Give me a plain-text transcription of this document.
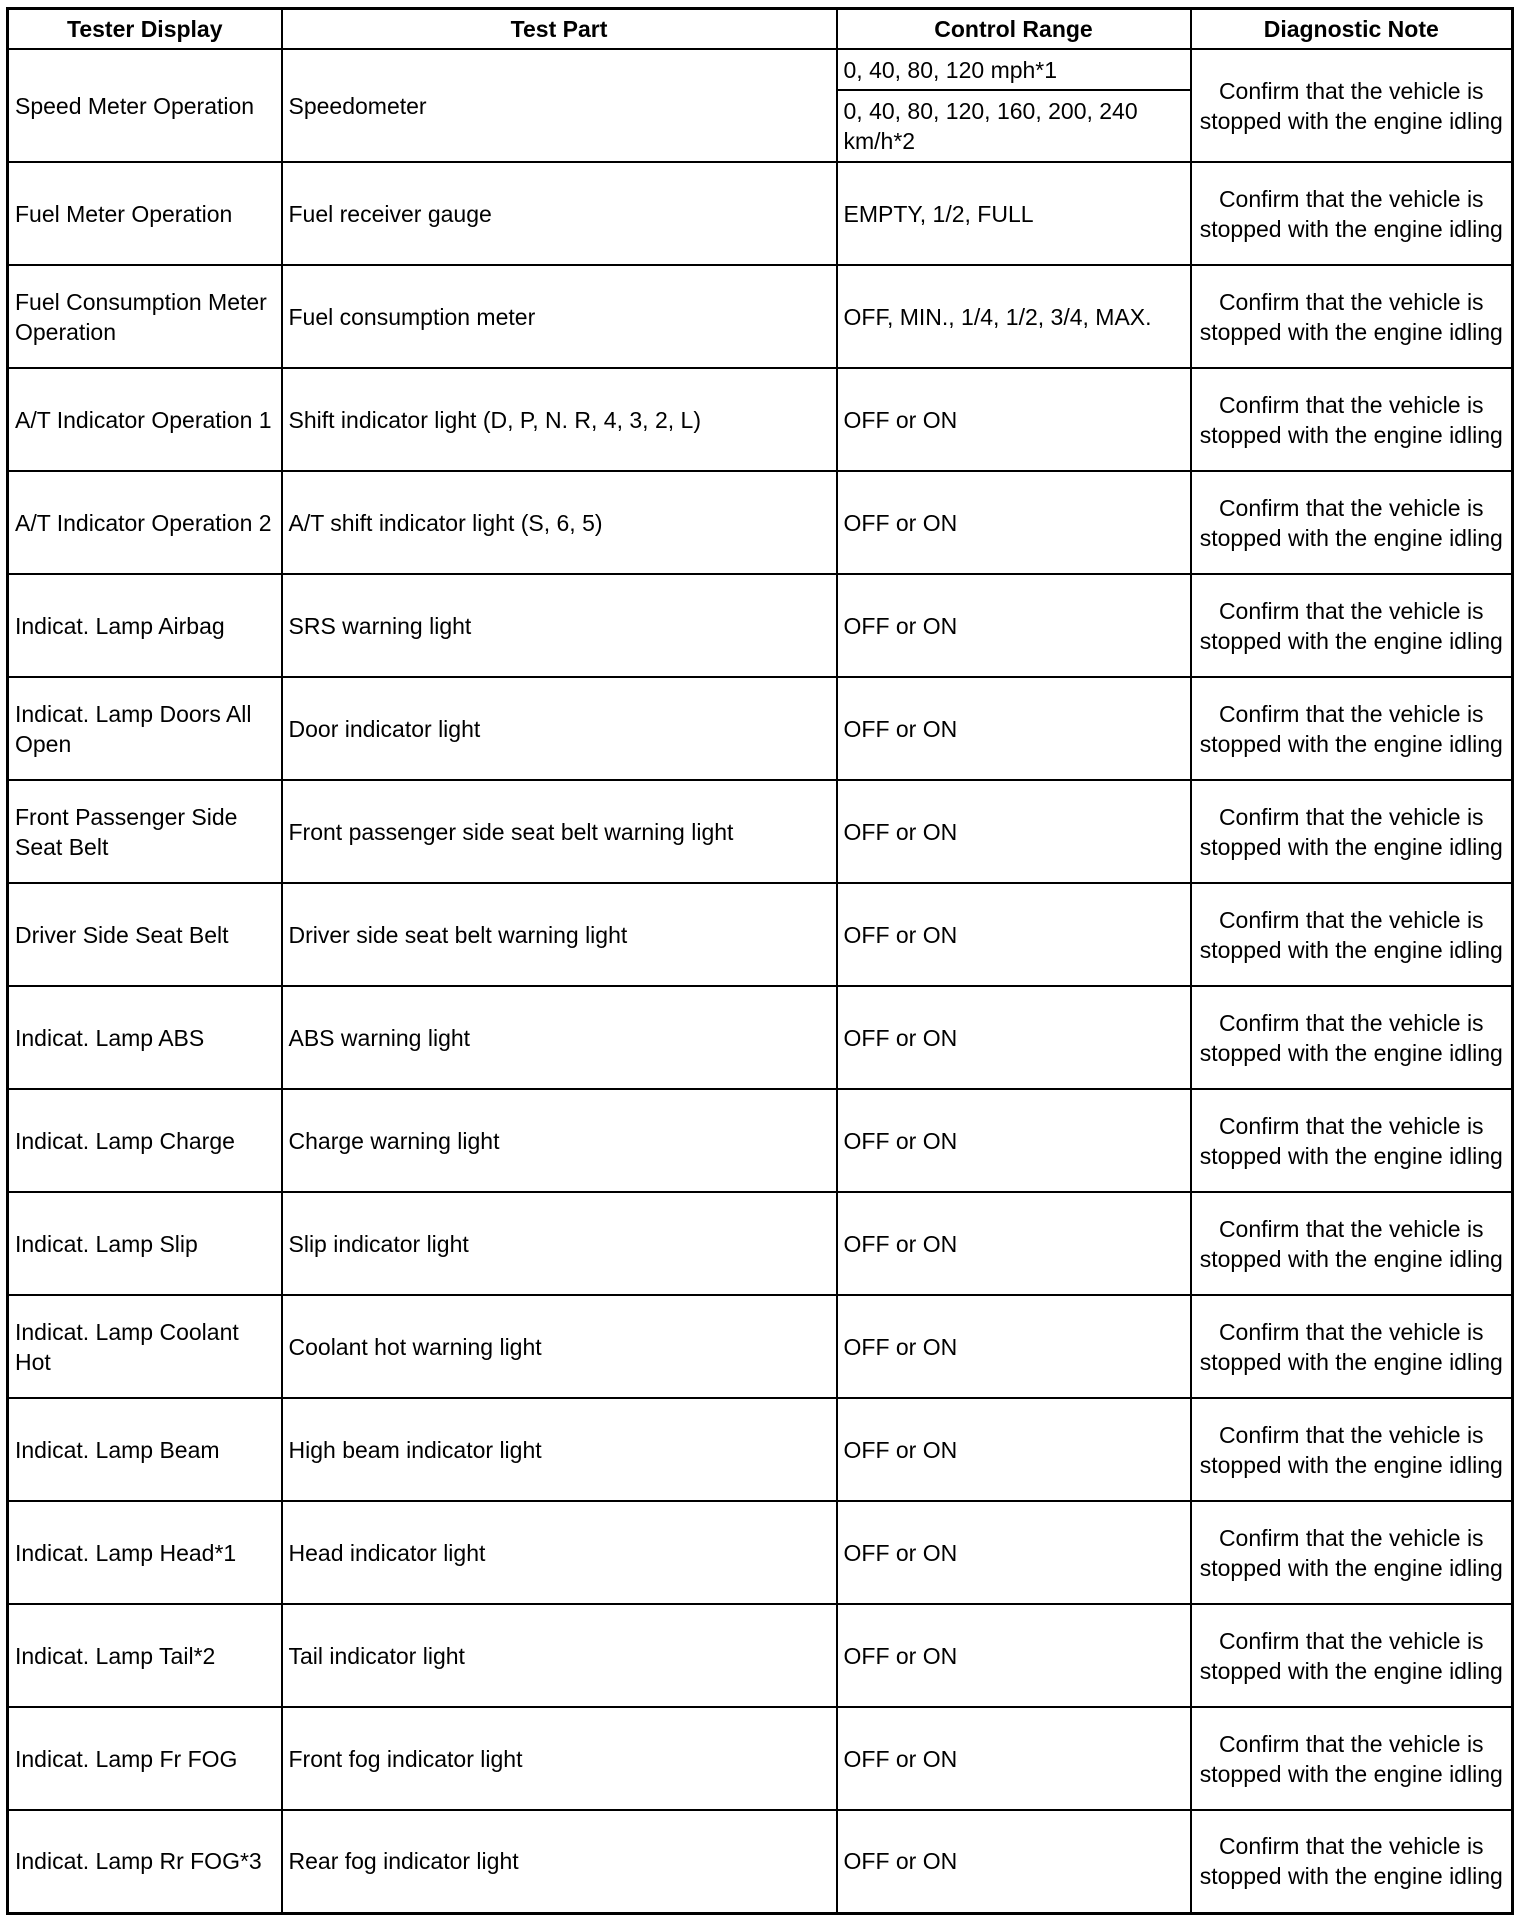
Tester Display	Test Part	Control Range	Diagnostic Note
Speed Meter Operation	Speedometer	0, 40, 80, 120 mph*1	Confirm that the vehicle is stopped with the engine idling
		0, 40, 80, 120, 160, 200, 240 km/h*2	
Fuel Meter Operation	Fuel receiver gauge	EMPTY, 1/2, FULL	Confirm that the vehicle is stopped with the engine idling
Fuel Consumption Meter Operation	Fuel consumption meter	OFF, MIN., 1/4, 1/2, 3/4, MAX.	Confirm that the vehicle is stopped with the engine idling
A/T Indicator Operation 1	Shift indicator light (D, P, N. R, 4, 3, 2, L)	OFF or ON	Confirm that the vehicle is stopped with the engine idling
A/T Indicator Operation 2	A/T shift indicator light (S, 6, 5)	OFF or ON	Confirm that the vehicle is stopped with the engine idling
Indicat. Lamp Airbag	SRS warning light	OFF or ON	Confirm that the vehicle is stopped with the engine idling
Indicat. Lamp Doors All Open	Door indicator light	OFF or ON	Confirm that the vehicle is stopped with the engine idling
Front Passenger Side Seat Belt	Front passenger side seat belt warning light	OFF or ON	Confirm that the vehicle is stopped with the engine idling
Driver Side Seat Belt	Driver side seat belt warning light	OFF or ON	Confirm that the vehicle is stopped with the engine idling
Indicat. Lamp ABS	ABS warning light	OFF or ON	Confirm that the vehicle is stopped with the engine idling
Indicat. Lamp Charge	Charge warning light	OFF or ON	Confirm that the vehicle is stopped with the engine idling
Indicat. Lamp Slip	Slip indicator light	OFF or ON	Confirm that the vehicle is stopped with the engine idling
Indicat. Lamp Coolant Hot	Coolant hot warning light	OFF or ON	Confirm that the vehicle is stopped with the engine idling
Indicat. Lamp Beam	High beam indicator light	OFF or ON	Confirm that the vehicle is stopped with the engine idling
Indicat. Lamp Head*1	Head indicator light	OFF or ON	Confirm that the vehicle is stopped with the engine idling
Indicat. Lamp Tail*2	Tail indicator light	OFF or ON	Confirm that the vehicle is stopped with the engine idling
Indicat. Lamp Fr FOG	Front fog indicator light	OFF or ON	Confirm that the vehicle is stopped with the engine idling
Indicat. Lamp Rr FOG*3	Rear fog indicator light	OFF or ON	Confirm that the vehicle is stopped with the engine idling
